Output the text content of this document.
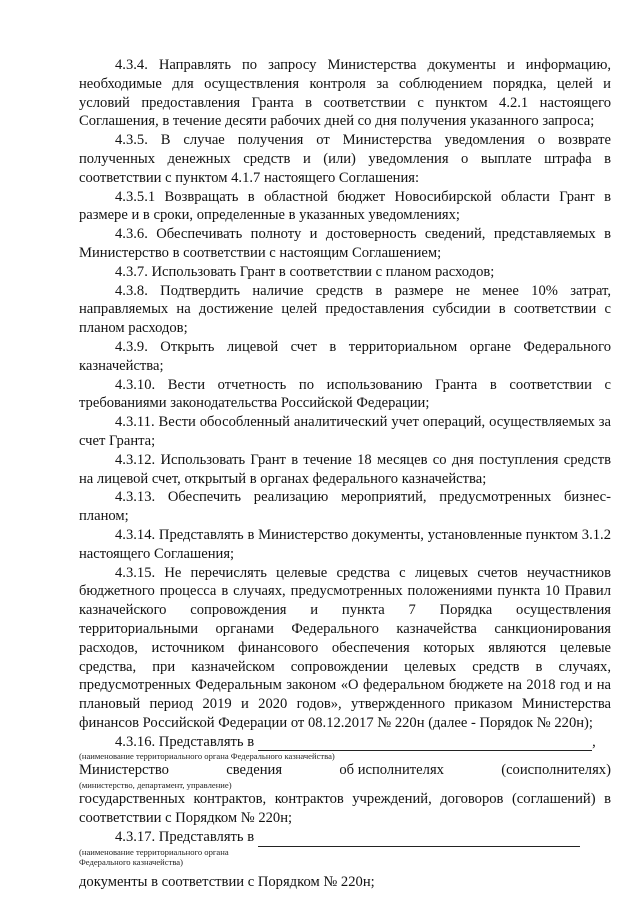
4.3.4. Направлять по запросу Министерства документы и информацию, необходимые для осуществления контроля за соблюдением порядка, целей и условий предоставления Гранта в соответствии с пунктом 4.2.1 настоящего Соглашения, в течение десяти рабочих дней со дня получения указанного запроса;

4.3.5. В случае получения от Министерства уведомления о возврате полученных денежных средств и (или) уведомления о выплате штрафа в соответствии с пунктом 4.1.7 настоящего Соглашения:

4.3.5.1 Возвращать в областной бюджет Новосибирской области Грант в размере и в сроки, определенные в указанных уведомлениях;

4.3.6. Обеспечивать полноту и достоверность сведений, представляемых в Министерство в соответствии с настоящим Соглашением;

4.3.7. Использовать Грант в соответствии с планом расходов;

4.3.8. Подтвердить наличие средств в размере не менее 10% затрат, направляемых на достижение целей предоставления субсидии в соответствии с планом расходов;

4.3.9. Открыть лицевой счет в территориальном органе Федерального казначейства;

4.3.10. Вести отчетность по использованию Гранта в соответствии с требованиями законодательства Российской Федерации;

4.3.11. Вести обособленный аналитический учет операций, осуществляемых за счет Гранта;

4.3.12. Использовать Грант в течение 18 месяцев со дня поступления средств на лицевой счет, открытый в органах федерального казначейства;

4.3.13. Обеспечить реализацию мероприятий, предусмотренных бизнес-планом;

4.3.14. Представлять в Министерство документы, установленные пунктом 3.1.2 настоящего Соглашения;

4.3.15. Не перечислять целевые средства с лицевых счетов неучастников бюджетного процесса в случаях, предусмотренных положениями пункта 10 Правил казначейского сопровождения и пункта 7 Порядка осуществления территориальными органами Федерального казначейства санкционирования расходов, источником финансового обеспечения которых являются целевые средства, при казначейском сопровождении целевых средств в случаях, предусмотренных Федеральным законом «О федеральном бюджете на 2018 год и на плановый период 2019 и 2020 годов», утвержденного приказом Министерства финансов Российской Федерации от 08.12.2017 № 220н (далее - Порядок № 220н);

4.3.16. Представлять в	,

(наименование территориального органа Федерального казначейства)

Министерство	сведения	об исполнителях	(соисполнителях)

(министерство, департамент, управление)

государственных контрактов, контрактов учреждений, договоров (соглашений) в соответствии с Порядком № 220н;

4.3.17. Представлять в

(наименование территориального органа

Федерального казначейства)

документы в соответствии с Порядком № 220н;
